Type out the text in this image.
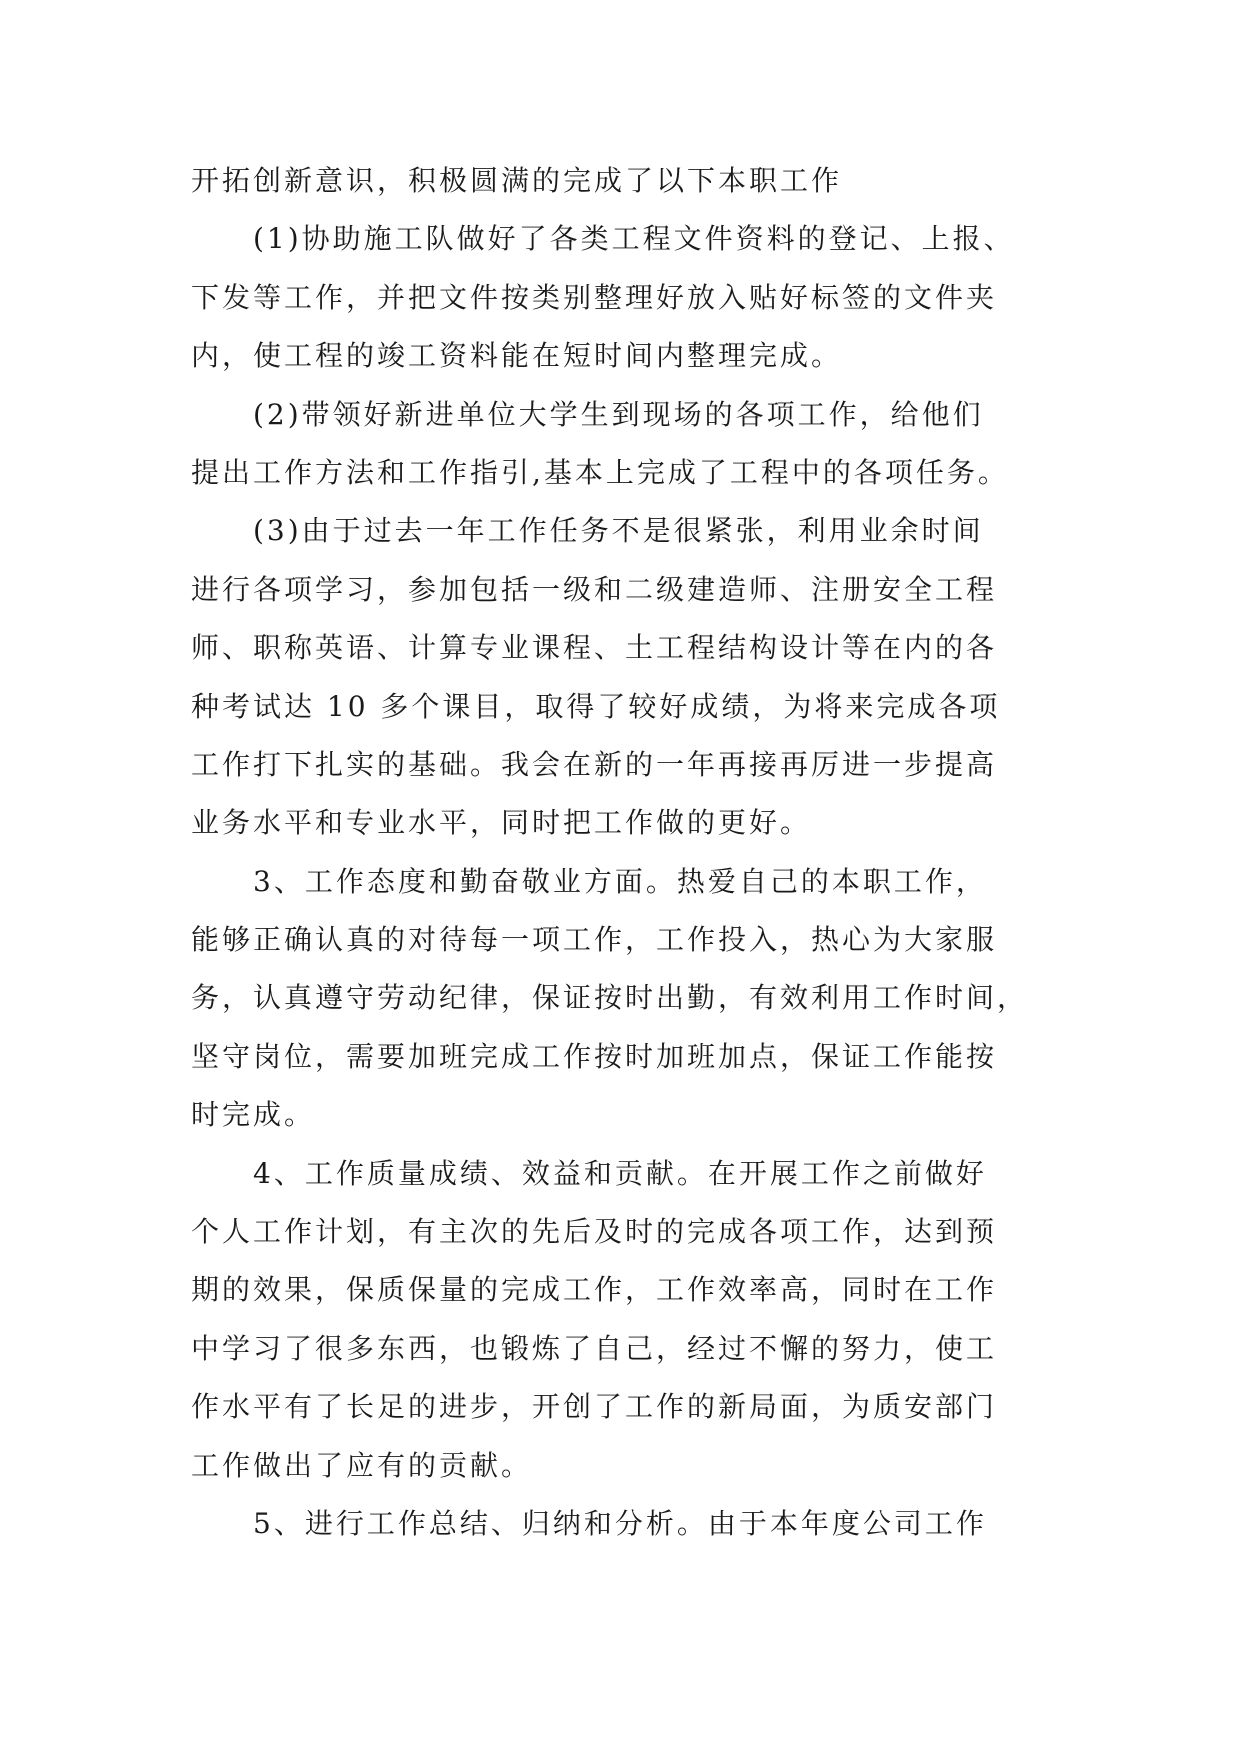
开拓创新意识，积极圆满的完成了以下本职工作
(1)协助施工队做好了各类工程文件资料的登记、上报、
下发等工作，并把文件按类别整理好放入贴好标签的文件夹
内，使工程的竣工资料能在短时间内整理完成。
(2)带领好新进单位大学生到现场的各项工作，给他们
提出工作方法和工作指引,基本上完成了工程中的各项任务。
(3)由于过去一年工作任务不是很紧张，利用业余时间
进行各项学习，参加包括一级和二级建造师、注册安全工程
师、职称英语、计算专业课程、土工程结构设计等在内的各
种考试达 10 多个课目，取得了较好成绩，为将来完成各项
工作打下扎实的基础。我会在新的一年再接再厉进一步提高
业务水平和专业水平，同时把工作做的更好。
3、工作态度和勤奋敬业方面。热爱自己的本职工作，
能够正确认真的对待每一项工作，工作投入，热心为大家服
务，认真遵守劳动纪律，保证按时出勤，有效利用工作时间，
坚守岗位，需要加班完成工作按时加班加点，保证工作能按
时完成。
4、工作质量成绩、效益和贡献。在开展工作之前做好
个人工作计划，有主次的先后及时的完成各项工作，达到预
期的效果，保质保量的完成工作，工作效率高，同时在工作
中学习了很多东西，也锻炼了自己，经过不懈的努力，使工
作水平有了长足的进步，开创了工作的新局面，为质安部门
工作做出了应有的贡献。
5、进行工作总结、归纳和分析。由于本年度公司工作
